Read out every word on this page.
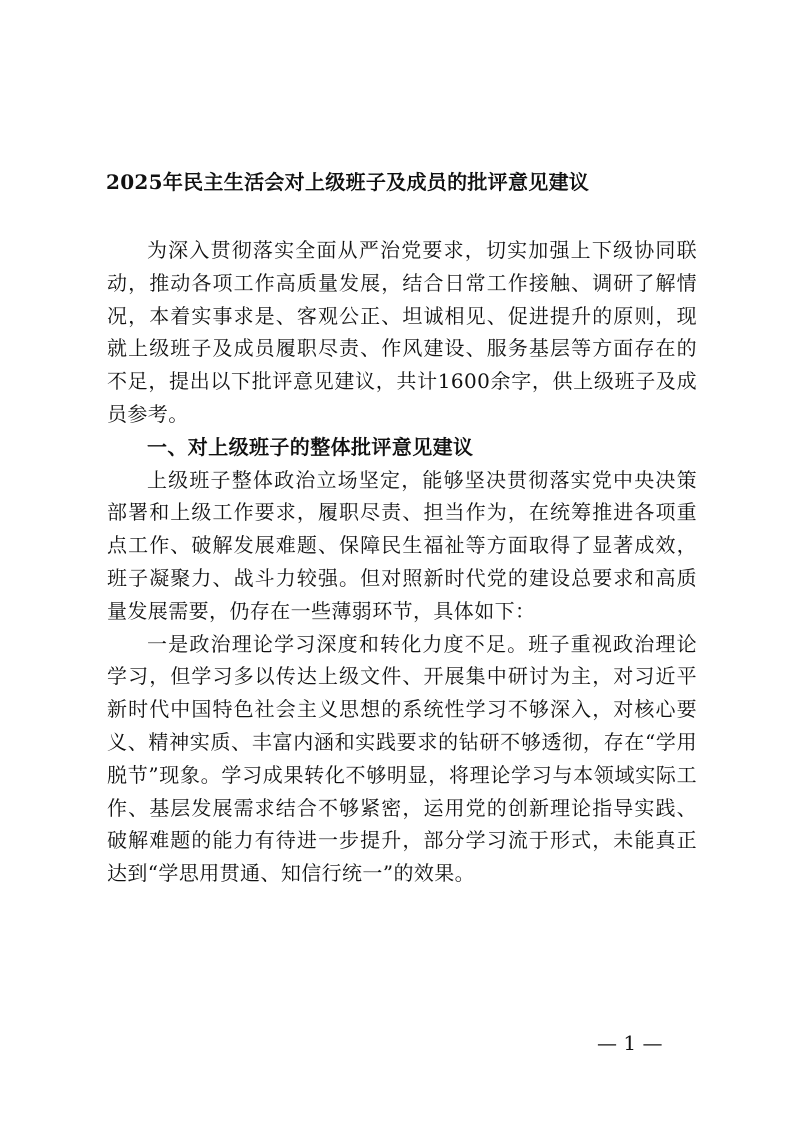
2025年民主生活会对上级班子及成员的批评意见建议

为深入贯彻落实全面从严治党要求，切实加强上下级协同联动，推动各项工作高质量发展，结合日常工作接触、调研了解情况，本着实事求是、客观公正、坦诚相见、促进提升的原则，现就上级班子及成员履职尽责、作风建设、服务基层等方面存在的不足，提出以下批评意见建议，共计1600余字，供上级班子及成员参考。

一、对上级班子的整体批评意见建议

上级班子整体政治立场坚定，能够坚决贯彻落实党中央决策部署和上级工作要求，履职尽责、担当作为，在统筹推进各项重点工作、破解发展难题、保障民生福祉等方面取得了显著成效，班子凝聚力、战斗力较强。但对照新时代党的建设总要求和高质量发展需要，仍存在一些薄弱环节，具体如下：

一是政治理论学习深度和转化力度不足。班子重视政治理论学习，但学习多以传达上级文件、开展集中研讨为主，对习近平新时代中国特色社会主义思想的系统性学习不够深入，对核心要义、精神实质、丰富内涵和实践要求的钻研不够透彻，存在“学用脱节”现象。学习成果转化不够明显，将理论学习与本领域实际工作、基层发展需求结合不够紧密，运用党的创新理论指导实践、破解难题的能力有待进一步提升，部分学习流于形式，未能真正达到“学思用贯通、知信行统一”的效果。

— 1 —
